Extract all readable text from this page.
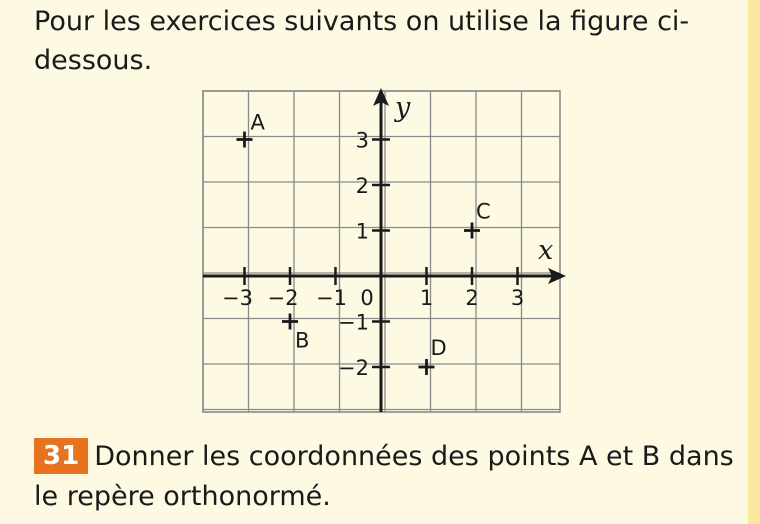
Pour les exercices suivants on utilise la figure ci-dessous.

x
y
−3 −2 −1 0 1 2 3
3
2
1
−1
−2
A
B
C
D

31 Donner les coordonnées des points A et B dans le repère orthonormé.
